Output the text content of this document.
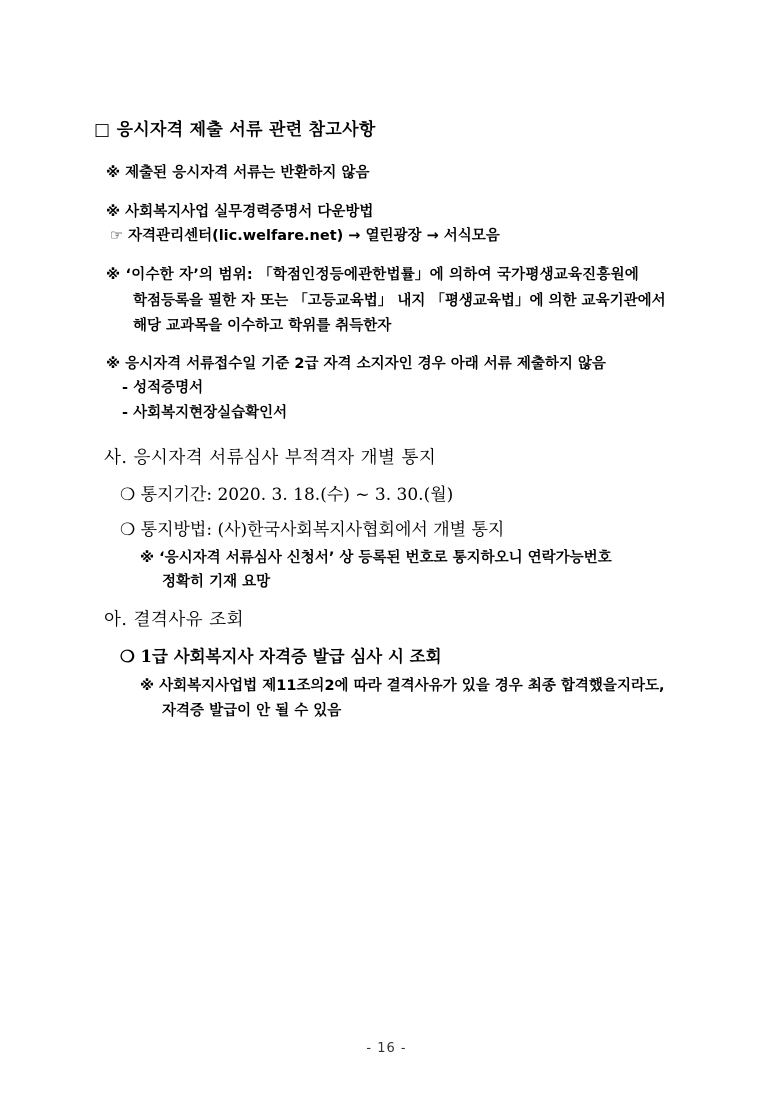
□ 응시자격 제출 서류 관련 참고사항
※ 제출된 응시자격 서류는 반환하지 않음
※ 사회복지사업 실무경력증명서 다운방법
☞ 자격관리센터(lic.welfare.net) → 열린광장 → 서식모음
※ ‘이수한 자’의 범위: 「학점인정등에관한법률」에 의하여 국가평생교육진흥원에
학점등록을 필한 자 또는 「고등교육법」 내지 「평생교육법」에 의한 교육기관에서
해당 교과목을 이수하고 학위를 취득한자
※ 응시자격 서류접수일 기준 2급 자격 소지자인 경우 아래 서류 제출하지 않음
- 성적증명서
- 사회복지현장실습확인서
사. 응시자격 서류심사 부적격자 개별 통지
❍ 통지기간: 2020. 3. 18.(수) ~ 3. 30.(월)
❍ 통지방법: (사)한국사회복지사협회에서 개별 통지
※ ‘응시자격 서류심사 신청서’ 상 등록된 번호로 통지하오니 연락가능번호
정확히 기재 요망
아. 결격사유 조회
❍ 1급 사회복지사 자격증 발급 심사 시 조회
※ 사회복지사업법 제11조의2에 따라 결격사유가 있을 경우 최종 합격했을지라도,
자격증 발급이 안 될 수 있음
- 16 -
